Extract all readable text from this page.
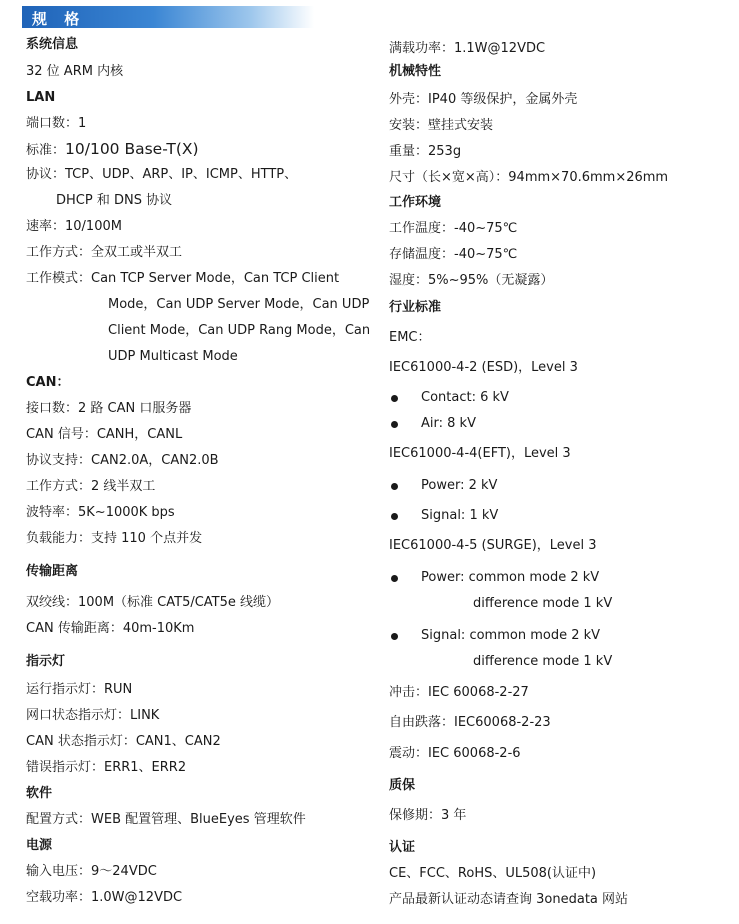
规 格
系统信息
32 位 ARM 内核
LAN
端口数：1
标准：10/100 Base-T(X)
协议：TCP、UDP、ARP、IP、ICMP、HTTP、
DHCP 和 DNS 协议
速率：10/100M
工作方式：全双工或半双工
工作模式：Can TCP Server Mode，Can TCP Client
Mode，Can UDP Server Mode，Can UDP
Client Mode，Can UDP Rang Mode，Can
UDP Multicast Mode
CAN：
接口数：2 路 CAN 口服务器
CAN 信号：CANH，CANL
协议支持：CAN2.0A，CAN2.0B
工作方式：2 线半双工
波特率：5K~1000K bps
负载能力：支持 110 个点并发
传输距离
双绞线：100M（标准 CAT5/CAT5e 线缆）
CAN 传输距离：40m-10Km
指示灯
运行指示灯：RUN
网口状态指示灯：LINK
CAN 状态指示灯：CAN1、CAN2
错误指示灯：ERR1、ERR2
软件
配置方式：WEB 配置管理、BlueEyes 管理软件
电源
输入电压：9～24VDC
空载功率：1.0W@12VDC
满载功率：1.1W@12VDC
机械特性
外壳：IP40 等级保护，金属外壳
安装：壁挂式安装
重量：253g
尺寸（长×宽×高）：94mm×70.6mm×26mm
工作环境
工作温度：-40~75℃
存储温度：-40~75℃
湿度：5%~95%（无凝露）
行业标准
EMC：
IEC61000-4-2 (ESD)，Level 3
Contact: 6 kV
Air: 8 kV
IEC61000-4-4(EFT)，Level 3
Power: 2 kV
Signal: 1 kV
IEC61000-4-5 (SURGE)，Level 3
Power: common mode 2 kV
difference mode 1 kV
Signal: common mode 2 kV
difference mode 1 kV
冲击：IEC 60068-2-27
自由跌落：IEC60068-2-23
震动：IEC 60068-2-6
质保
保修期：3 年
认证
CE、FCC、RoHS、UL508(认证中)
产品最新认证动态请查询 3onedata 网站
